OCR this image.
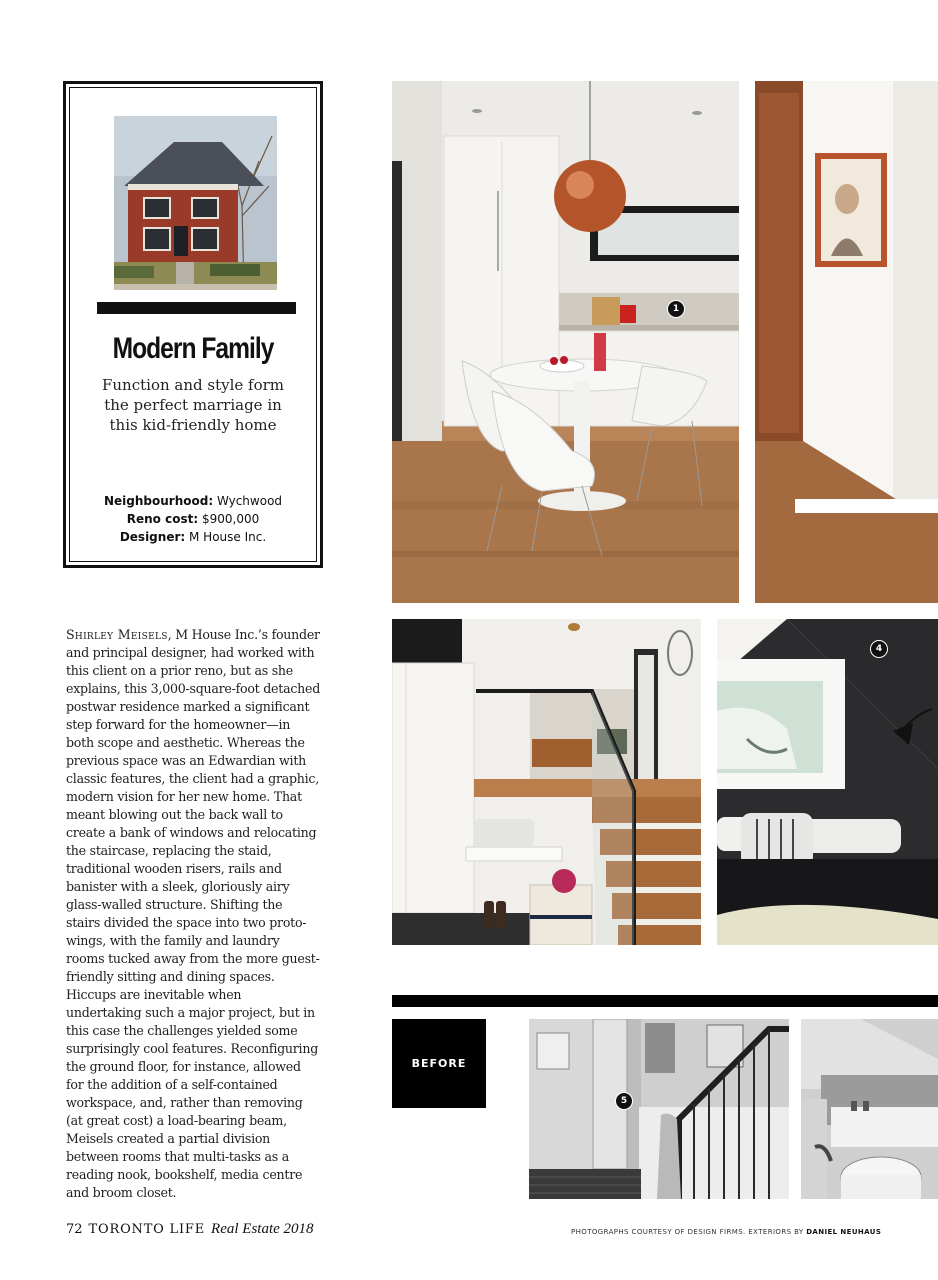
Modern Family
Function and style form the perfect marriage in this kid-friendly home
Neighbourhood: Wychwood
Reno cost: $900,000
Designer: M House Inc.
Shirley Meisels, M House Inc.’s founder and principal designer, had worked with this client on a prior reno, but as she explains, this 3,000-square-foot detached postwar residence marked a significant step forward for the homeowner—in both scope and aesthetic. Whereas the previous space was an Edwardian with classic features, the client had a graphic, modern vision for her new home. That meant blowing out the back wall to create a bank of windows and relocating the staircase, replacing the staid, traditional wooden risers, rails and banister with a sleek, gloriously airy glass-walled structure. Shifting the stairs divided the space into two proto-wings, with the family and laundry rooms tucked away from the more guest-friendly sitting and dining spaces. Hiccups are inevitable when undertaking such a major project, but in this case the challenges yielded some surprisingly cool features. Reconfiguring the ground floor, for instance, allowed for the addition of a self-contained workspace, and, rather than removing (at great cost) a load-bearing beam, Meisels created a partial division between rooms that multi-tasks as a reading nook, bookshelf, media centre and broom closet.
1
4
BEFORE
5
72 TORONTO LIFE Real Estate 2018	PHOTOGRAPHS COURTESY OF DESIGN FIRMS. EXTERIORS BY DANIEL NEUHAUS
